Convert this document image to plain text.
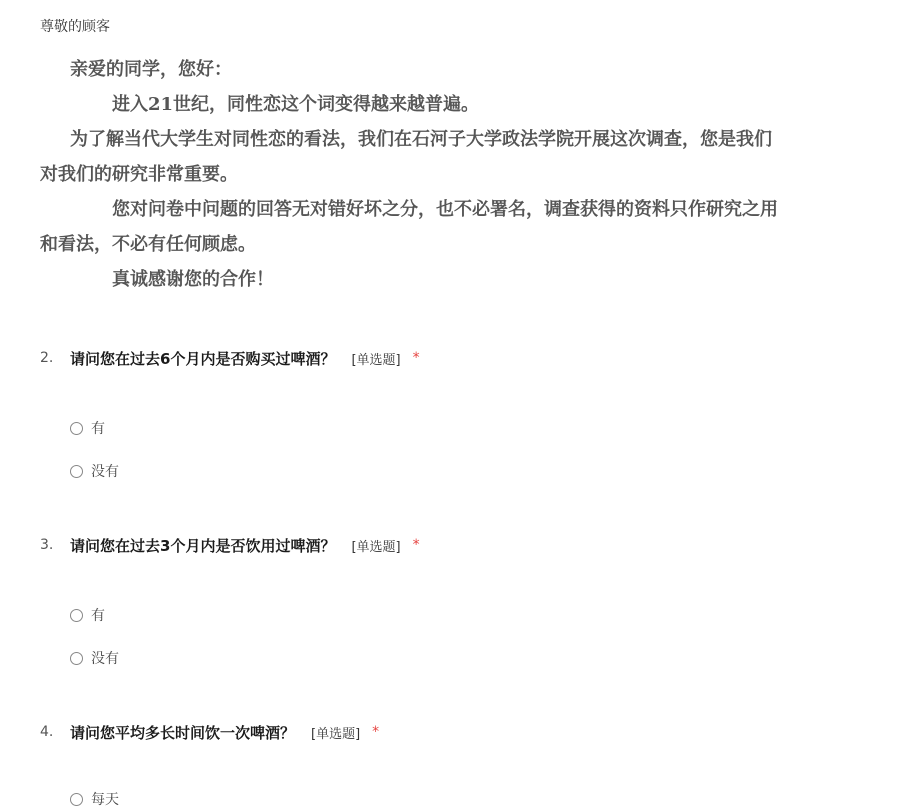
尊敬的顾客

亲爱的同学，您好：

进入21世纪，同性恋这个词变得越来越普遍。

为了解当代大学生对同性恋的看法，我们在石河子大学政法学院开展这次调查，您是我们

对我们的研究非常重要。

您对问卷中问题的回答无对错好坏之分，也不必署名，调查获得的资料只作研究之用

和看法，不必有任何顾虑。

真诚感谢您的合作！

2.	请问您在过去6个月内是否购买过啤酒？ [单选题] *
有
没有
3.	请问您在过去3个月内是否饮用过啤酒？ [单选题] *
有
没有
4.	请问您平均多长时间饮一次啤酒？ [单选题] *
每天
